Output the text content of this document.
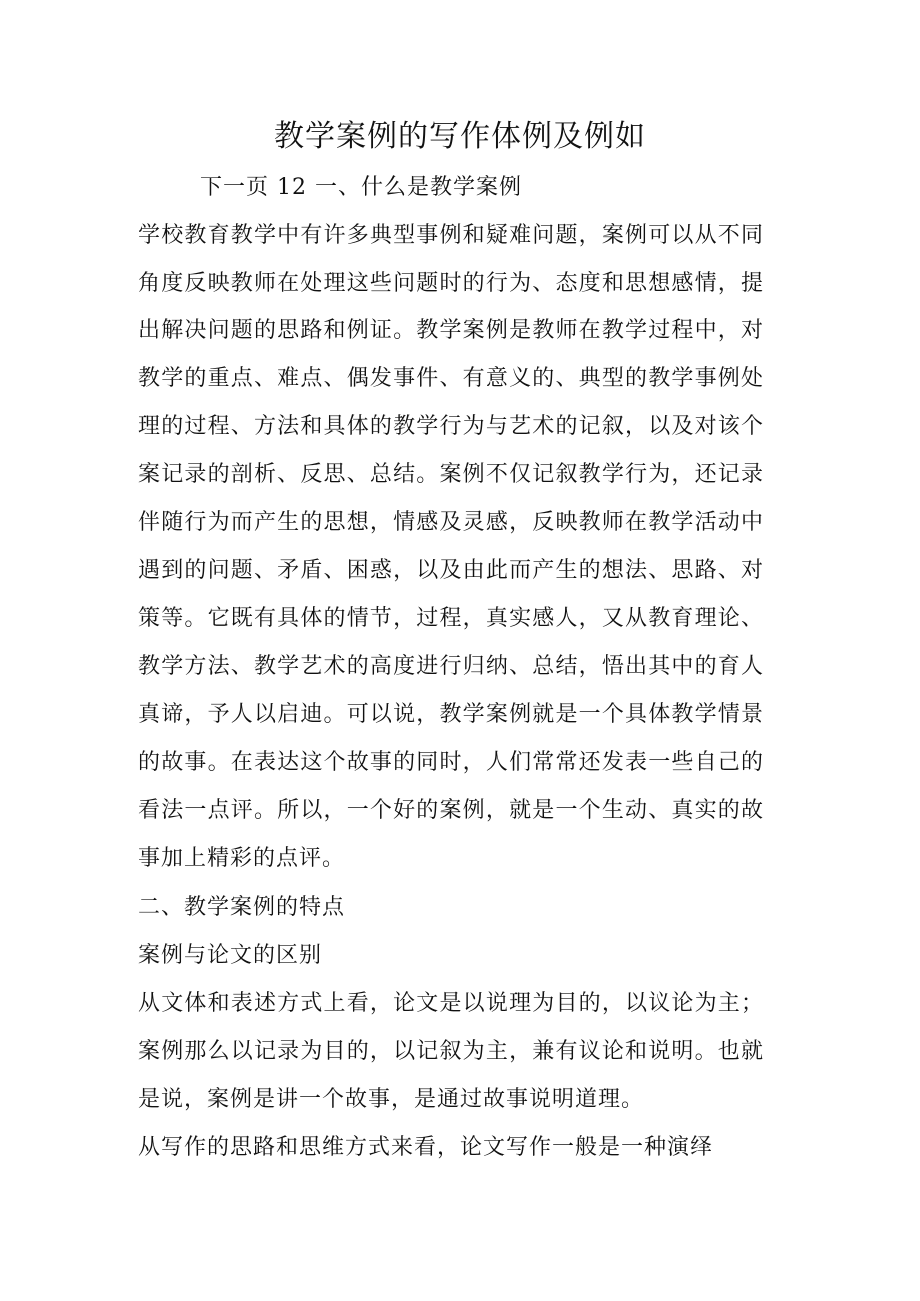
教学案例的写作体例及例如
下一页 12 一、什么是教学案例
学校教育教学中有许多典型事例和疑难问题，案例可以从不同
角度反映教师在处理这些问题时的行为、态度和思想感情，提
出解决问题的思路和例证。教学案例是教师在教学过程中，对
教学的重点、难点、偶发事件、有意义的、典型的教学事例处
理的过程、方法和具体的教学行为与艺术的记叙，以及对该个
案记录的剖析、反思、总结。案例不仅记叙教学行为，还记录
伴随行为而产生的思想，情感及灵感，反映教师在教学活动中
遇到的问题、矛盾、困惑，以及由此而产生的想法、思路、对
策等。它既有具体的情节，过程，真实感人，又从教育理论、
教学方法、教学艺术的高度进行归纳、总结，悟出其中的育人
真谛，予人以启迪。可以说，教学案例就是一个具体教学情景
的故事。在表达这个故事的同时，人们常常还发表一些自己的
看法一点评。所以，一个好的案例，就是一个生动、真实的故
事加上精彩的点评。
二、教学案例的特点
案例与论文的区别
从文体和表述方式上看，论文是以说理为目的，以议论为主；
案例那么以记录为目的，以记叙为主，兼有议论和说明。也就
是说，案例是讲一个故事，是通过故事说明道理。
从写作的思路和思维方式来看，论文写作一般是一种演绎
